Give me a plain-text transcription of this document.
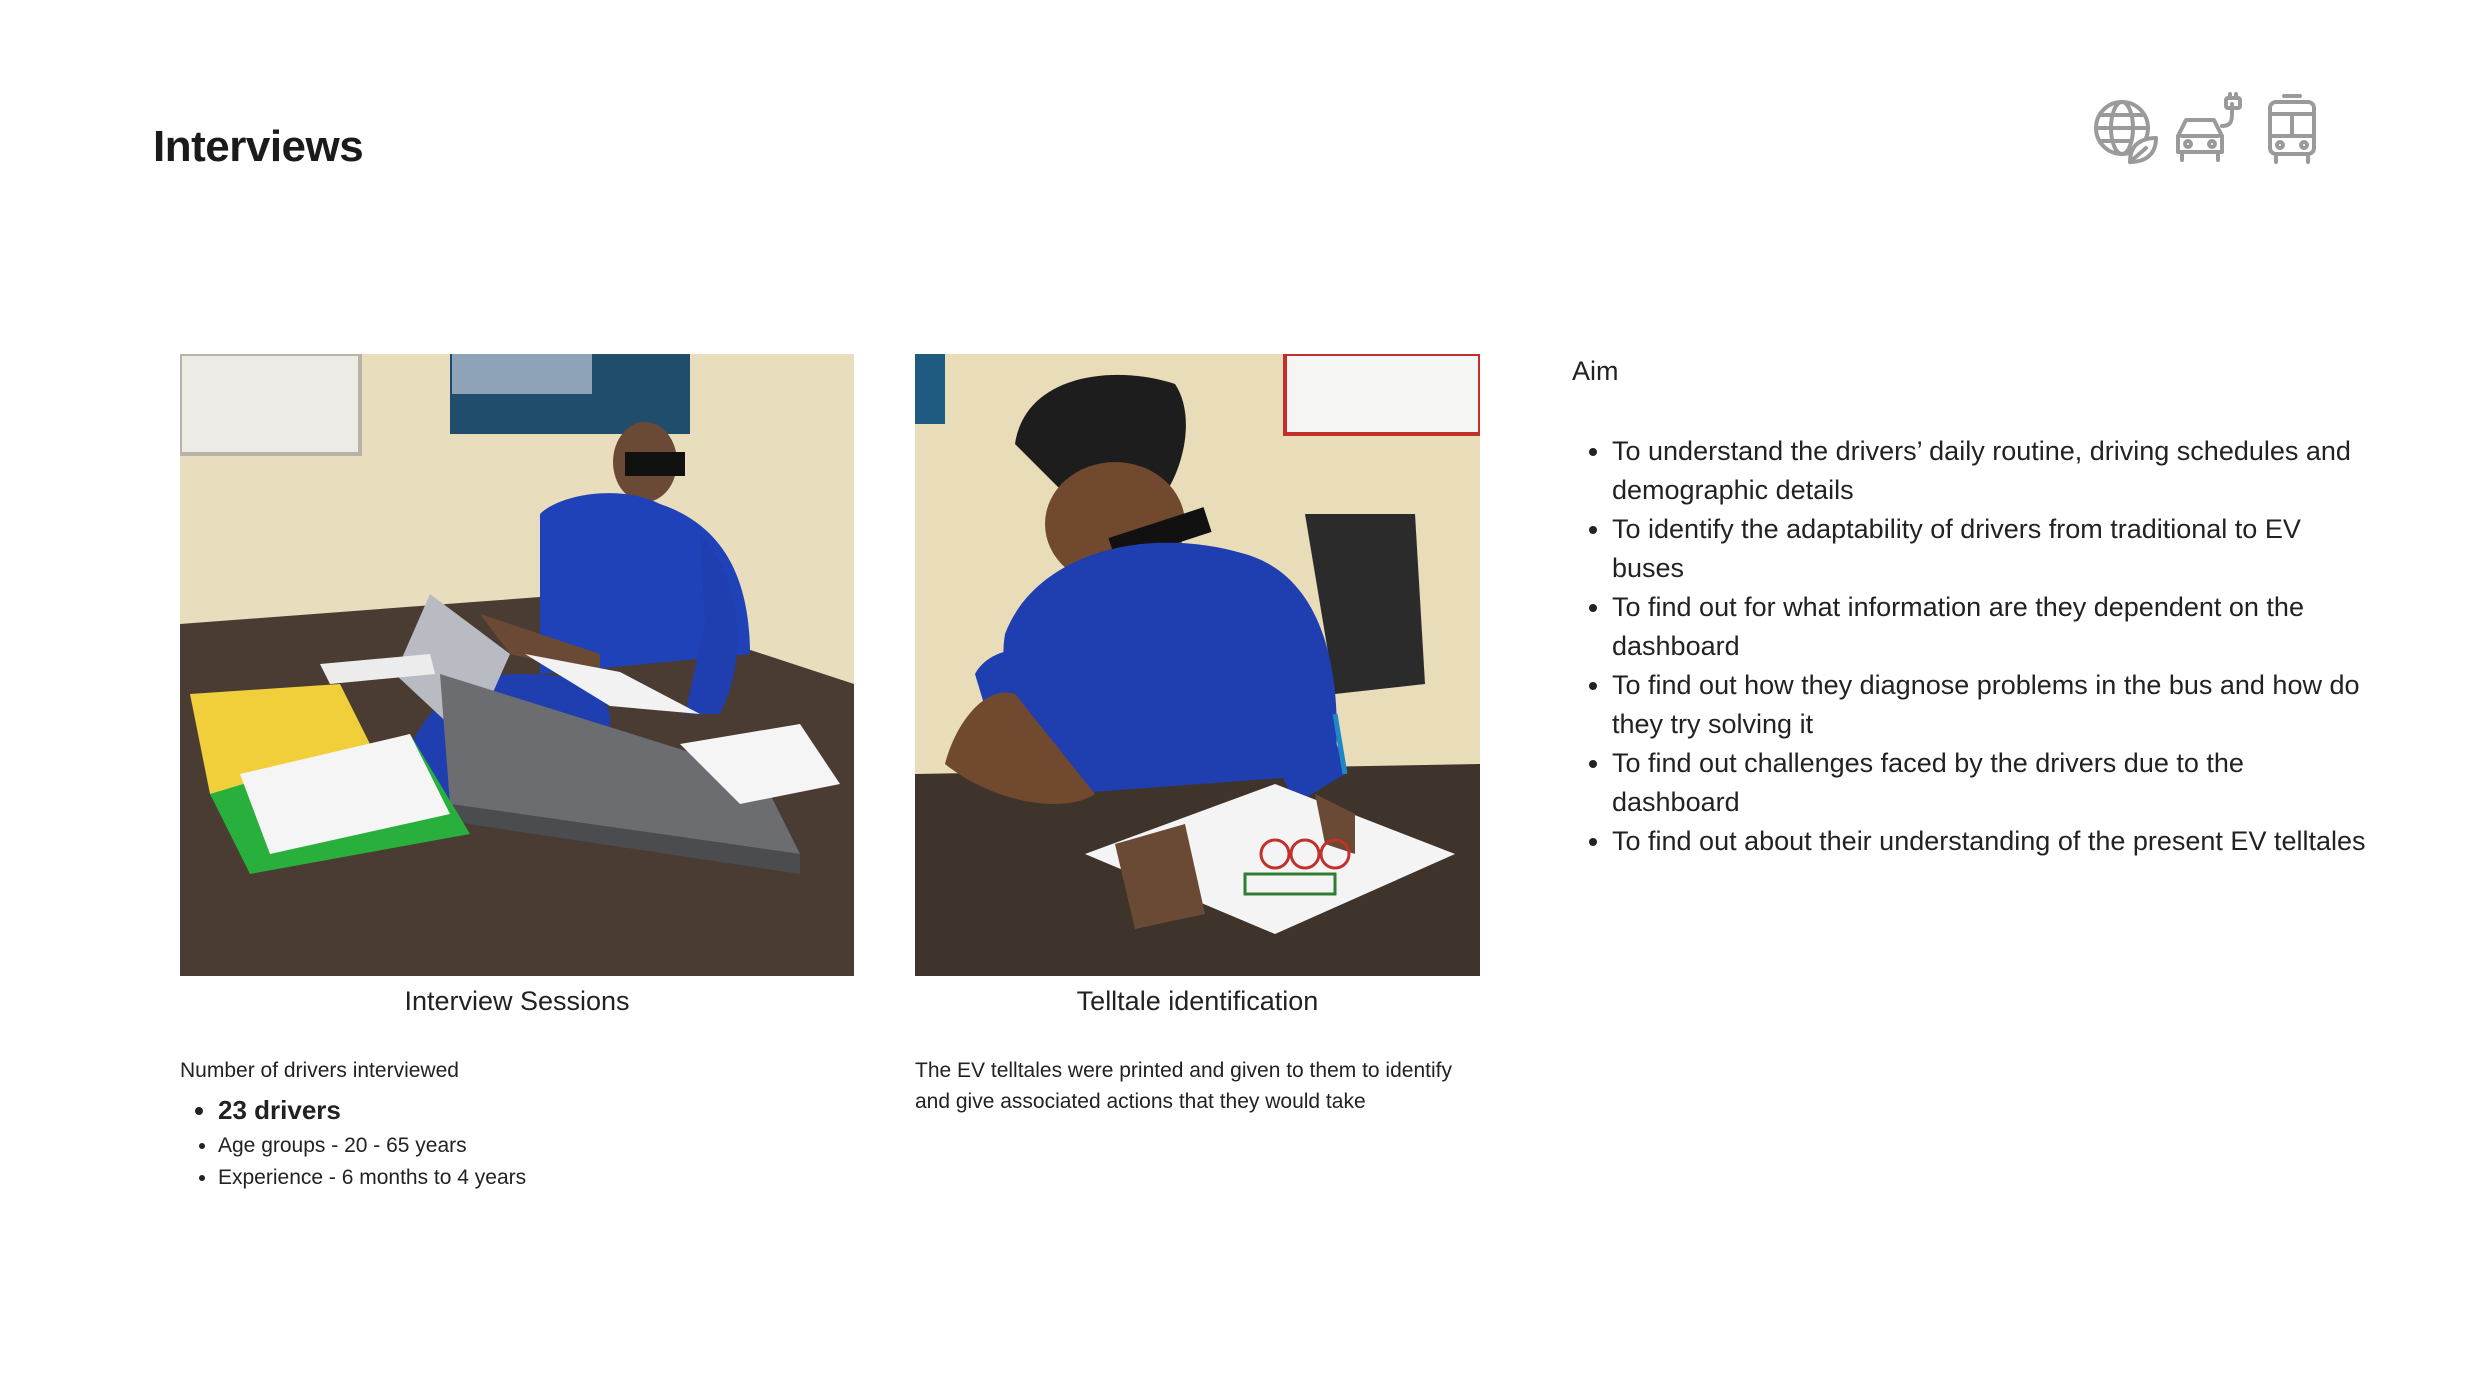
Interviews
Interview Sessions	Telltale identification
Number of drivers interviewed
• 23 drivers
• Age groups - 20 - 65 years
• Experience - 6 months to 4 years
The EV telltales were printed and given to them to identify and give associated actions that they would take
Aim
• To understand the drivers’ daily routine, driving schedules and demographic details
• To identify the adaptability of drivers from traditional to EV buses
• To find out for what information are they dependent on the dashboard
• To find out how they diagnose problems in the bus and how do they try solving it
• To find out challenges faced by the drivers due to the dashboard
• To find out about their understanding of the present EV telltales
